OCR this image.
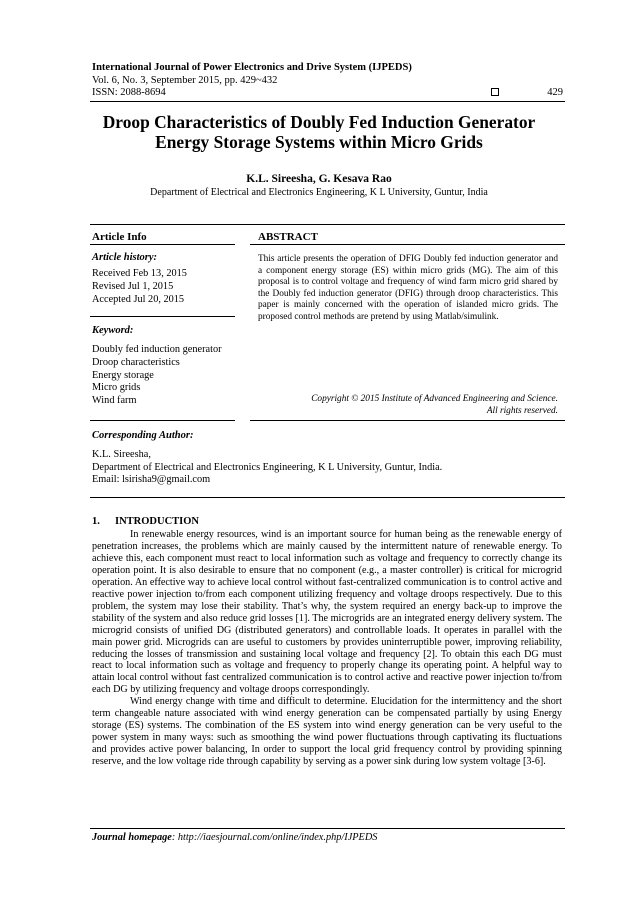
International Journal of Power Electronics and Drive System (IJPEDS)
Vol. 6, No. 3, September 2015, pp. 429~432
ISSN: 2088-8694	429
Droop Characteristics of Doubly Fed Induction Generator
Energy Storage Systems within Micro Grids
K.L. Sireesha, G. Kesava Rao
Department of Electrical and Electronics Engineering, K L University, Guntur, India
Article Info	ABSTRACT
Article history:
Received Feb 13, 2015
Revised Jul 1, 2015
Accepted Jul 20, 2015
Keyword:
Doubly fed induction generator
Droop characteristics
Energy storage
Micro grids
Wind farm
This article presents the operation of DFIG Doubly fed induction generator and a component energy storage (ES) within micro grids (MG). The aim of this proposal is to control voltage and frequency of wind farm micro grid shared by the Doubly fed induction generator (DFIG) through droop characteristics. This paper is mainly concerned with the operation of islanded micro grids. The proposed control methods are pretend by using Matlab/simulink.
Copyright © 2015 Institute of Advanced Engineering and Science.
All rights reserved.
Corresponding Author:
K.L. Sireesha,
Department of Electrical and Electronics Engineering, K L University, Guntur, India.
Email: lsirisha9@gmail.com
1. INTRODUCTION

In renewable energy resources, wind is an important source for human being as the renewable energy of penetration increases, the problems which are mainly caused by the intermittent nature of renewable energy. To achieve this, each component must react to local information such as voltage and frequency to correctly change its operation point. It is also desirable to ensure that no component (e.g., a master controller) is critical for microgrid operation. An effective way to achieve local control without fast-centralized communication is to control active and reactive power injection to/from each component utilizing frequency and voltage droops respectively. Due to this problem, the system may lose their stability. That’s why, the system required an energy back-up to improve the stability of the system and also reduce grid losses [1]. The microgrids are an integrated energy delivery system. The microgrid consists of unified DG (distributed generators) and controllable loads. It operates in parallel with the main power grid. Microgrids can are useful to customers by provides uninterruptible power, improving reliability, reducing the losses of transmission and sustaining local voltage and frequency [2]. To obtain this each DG must react to local information such as voltage and frequency to properly change its operating point. A helpful way to attain local control without fast centralized communication is to control active and reactive power injection to/from each DG by utilizing frequency and voltage droops correspondingly.

Wind energy change with time and difficult to determine. Elucidation for the intermittency and the short term changeable nature associated with wind energy generation can be compensated partially by using Energy storage (ES) systems. The combination of the ES system into wind energy generation can be very useful to the power system in many ways: such as smoothing the wind power fluctuations through captivating its fluctuations and provides active power balancing, In order to support the local grid frequency control by providing spinning reserve, and the low voltage ride through capability by serving as a power sink during low system voltage [3-6].

Journal homepage: http://iaesjournal.com/online/index.php/IJPEDS
